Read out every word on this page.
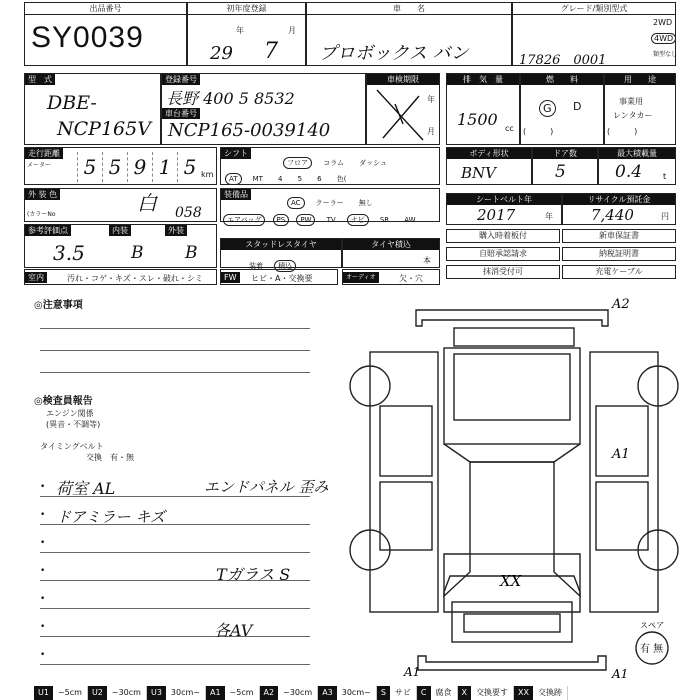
出品番号
SY0039
初年度登録
年	月
29 7
車　　名
プロボックス バン
グレード/類別型式
17826　0001
2WD
4WD
類型なし
型　式
DBE-
NCP165V
登録番号
長野 400 5 8532
車台番号
NCP165-0039140
車検期限
年
月
排　気　量
1500 cc
燃　　料
G	D
(　　　)
用　　途
事業用
レンタカー
(　　　)
走行距離
メーター	5 5 9 1 5 km
シフト
フロア コラム ダッシュ
AT MT 4 5 6 色(
ボディ形状
BNV
ドア数
5
最大積載量
0.4	t
外 装 色
(カラーNo	白 058
装備品
AC クーラー 無し
エアバッグ PS PW TV ナビ SR AW
シートベルト年
2017	年
リサイクル預託金
7,440	円
参考評価点	内装	外装
3.5	B B	スタッドレスタイヤ
装着 積込
タイヤ積込
本
購入時着板付	新車保証書
自賠承認請求	納税証明書
抹消受付可	充電ケーブル
室内	汚れ・コゲ・キズ・スレ・破れ・シミ	FW	ヒビ・A・交換要	オーディオ	欠・穴
◎注意事項
◎検査員報告
エンジン関係
(異音・不調等)
タイミングベルト
交換　有・無
•
•
•
•
•
•
•
荷室 AL	エンドパネル 歪み
ドアミラー キズ
Tガラス S
各AV
A2
A1
XX
A1	A1
スペア
有 無
U1	~5cm	U2	~30cm	U3	30cm~	A1	~5cm	A2	~30cm	A3	30cm~	S	サビ	C	腐食	X	交換要す	XX	交換跡
